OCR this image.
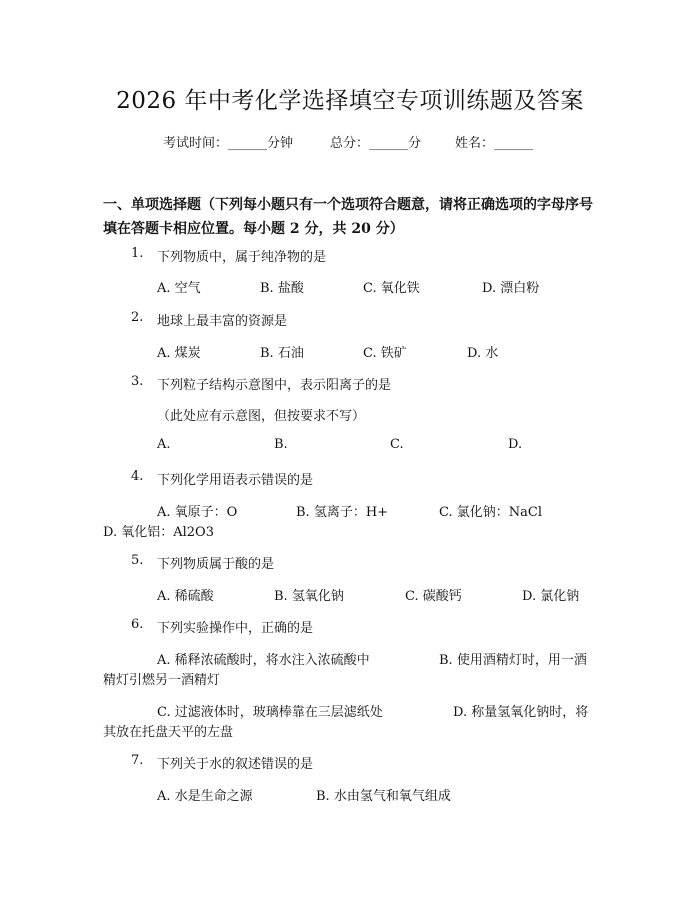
2026 年中考化学选择填空专项训练题及答案
考试时间：______分钟	总分：______分	姓名：______
一、单项选择题（下列每小题只有一个选项符合题意，请将正确选项的字母序号
填在答题卡相应位置。每小题 2 分，共 20 分）
1. 下列物质中，属于纯净物的是
A. 空气	B. 盐酸	C. 氧化铁	D. 漂白粉
2. 地球上最丰富的资源是
A. 煤炭	B. 石油	C. 铁矿	D. 水
3. 下列粒子结构示意图中，表示阳离子的是
（此处应有示意图，但按要求不写）
A.	B.	C.	D.
4. 下列化学用语表示错误的是
A. 氧原子：O	B. 氢离子：H+	C. 氯化钠：NaCl
D. 氧化铝：Al2O3
5. 下列物质属于酸的是
A. 稀硫酸	B. 氢氧化钠	C. 碳酸钙	D. 氯化钠
6. 下列实验操作中，正确的是
A. 稀释浓硫酸时，将水注入浓硫酸中	B. 使用酒精灯时，用一酒
精灯引燃另一酒精灯
C. 过滤液体时，玻璃棒靠在三层滤纸处	D. 称量氢氧化钠时，将
其放在托盘天平的左盘
7. 下列关于水的叙述错误的是
A. 水是生命之源	B. 水由氢气和氧气组成
